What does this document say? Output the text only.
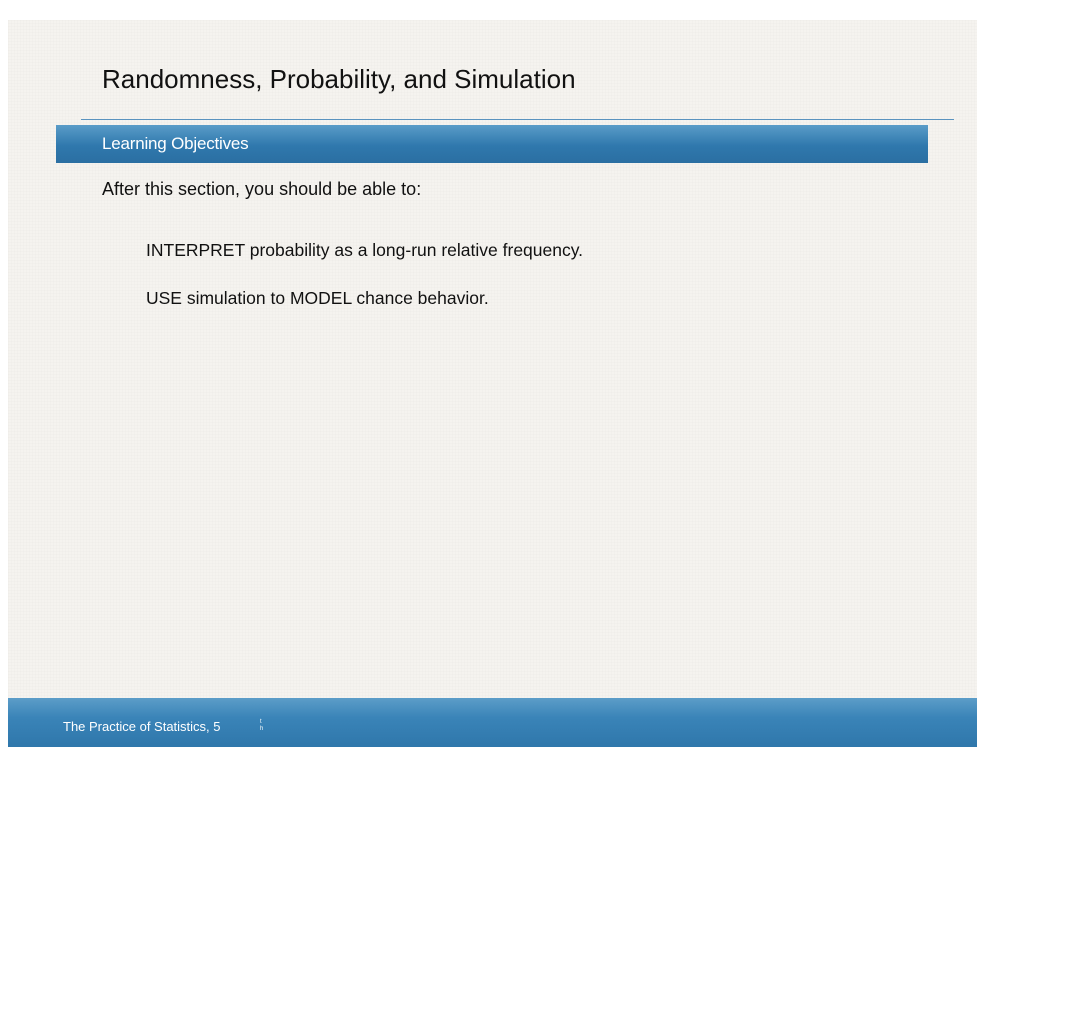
Randomness, Probability, and Simulation
Learning Objectives
After this section, you should be able to:
INTERPRET probability as a long-run relative frequency.
USE simulation to MODEL chance behavior.
The Practice of Statistics, 5	th
